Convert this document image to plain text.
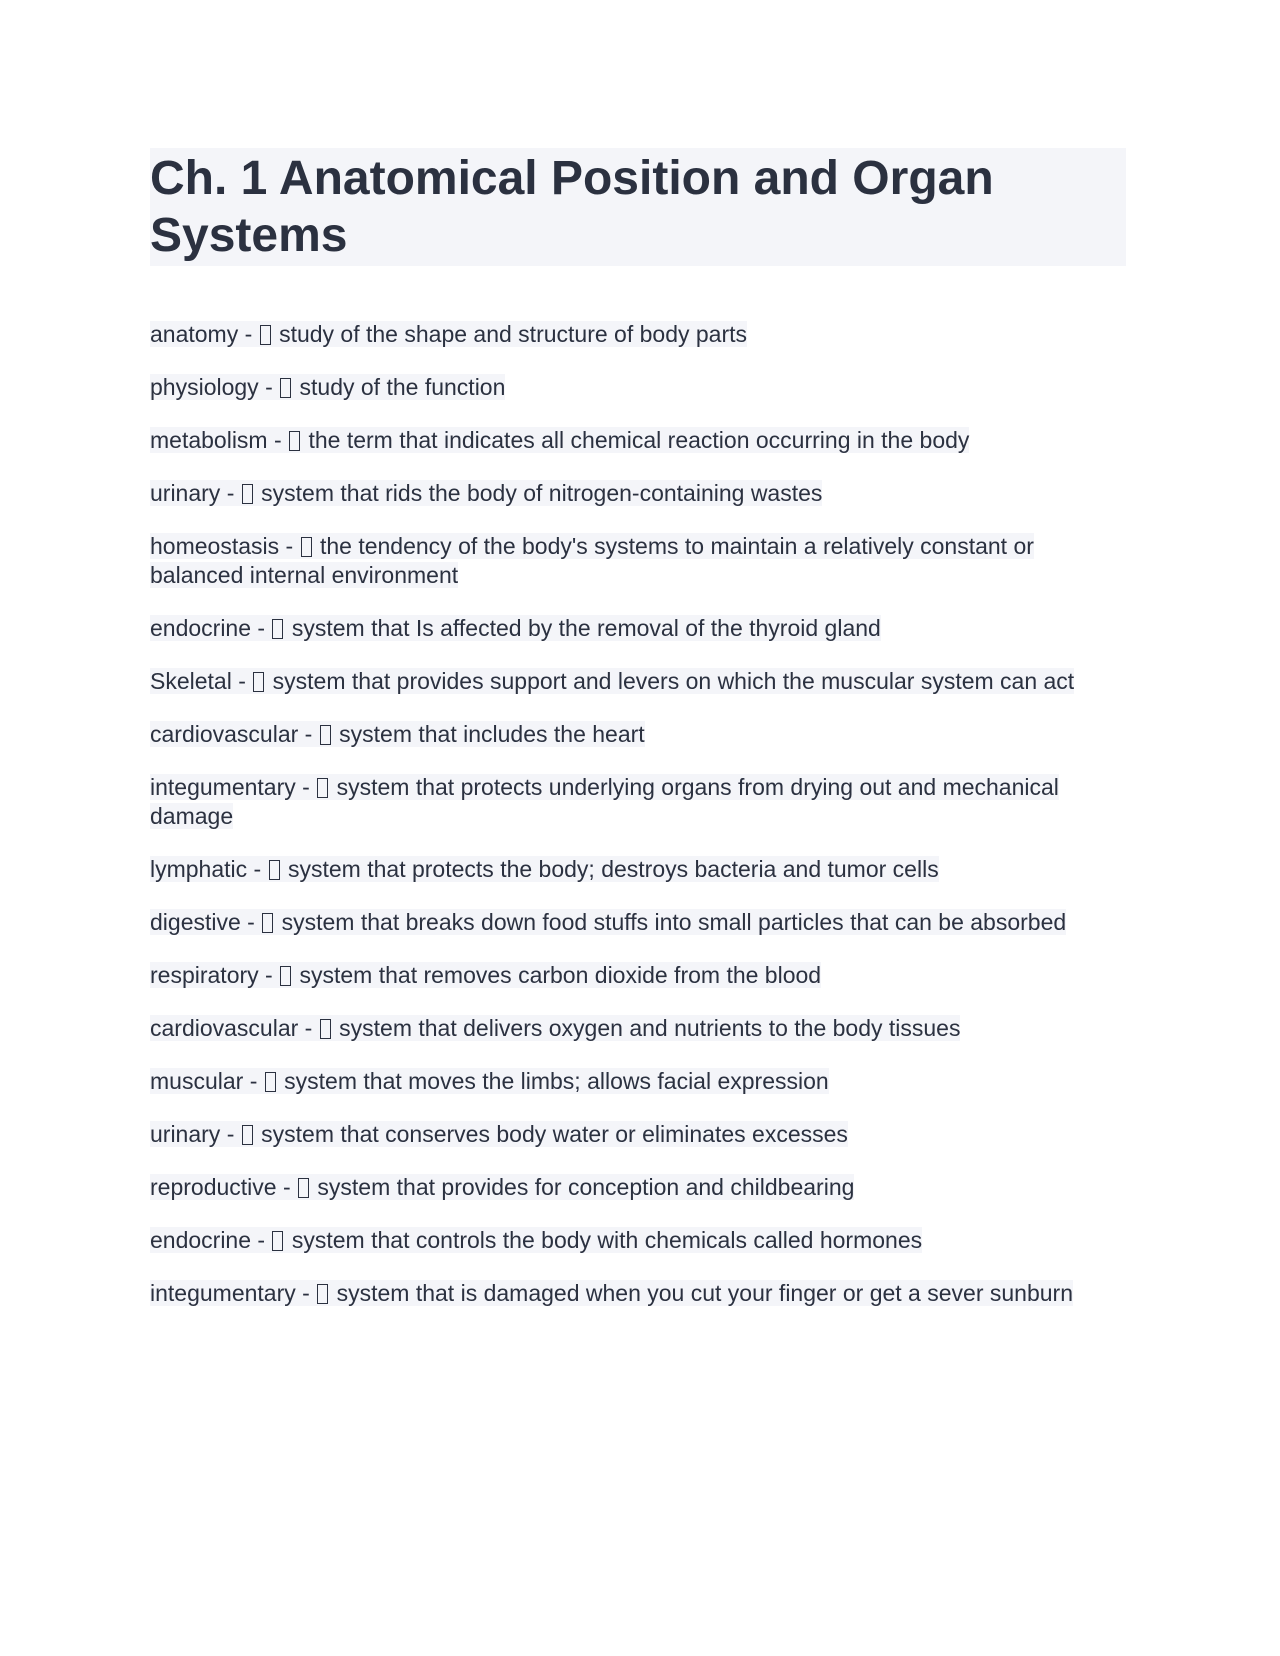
Ch. 1 Anatomical Position and Organ Systems
anatomy -  study of the shape and structure of body parts
physiology -  study of the function
metabolism -  the term that indicates all chemical reaction occurring in the body
urinary -  system that rids the body of nitrogen-containing wastes
homeostasis -  the tendency of the body's systems to maintain a relatively constant or balanced internal environment
endocrine -  system that Is affected by the removal of the thyroid gland
Skeletal -  system that provides support and levers on which the muscular system can act
cardiovascular -  system that includes the heart
integumentary -  system that protects underlying organs from drying out and mechanical damage
lymphatic -  system that protects the body; destroys bacteria and tumor cells
digestive -  system that breaks down food stuffs into small particles that can be absorbed
respiratory -  system that removes carbon dioxide from the blood
cardiovascular -  system that delivers oxygen and nutrients to the body tissues
muscular -  system that moves the limbs; allows facial expression
urinary -  system that conserves body water or eliminates excesses
reproductive -  system that provides for conception and childbearing
endocrine -  system that controls the body with chemicals called hormones
integumentary -  system that is damaged when you cut your finger or get a sever sunburn
